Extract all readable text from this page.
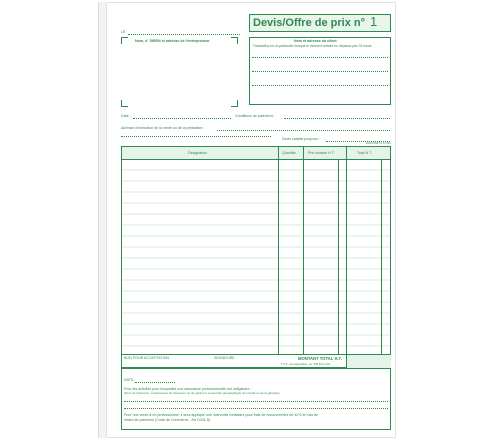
LE
Devis/Offre de prix n° 1
Nom, n° SIREN et adresse de l'entrepreneur	Nom et adresse du client
Facultatif pour un particulier lorsque le montant unitaire ne dépasse pas 76 euros
Date :	Conditions de paiement :
Adresse d'exécution de la vente ou de la prestation :
Devis valable jusqu'au :
EXACOMPTA 13 304
Désignation	Quantité	Prix unitaire H.T.	Total H.T.
BON POUR ACCEPTATION	SIGNATURE	MONTANT TOTAL H.T.
T.V.A. non applicable, art. 293 B du CGI
DATE :
Pour les activités pour lesquelles une assurance professionnelle est obligatoire :
(Nom de l'assureur, coordonnées de l'assureur ou du garant et couverture géographique du contrat ou de la garantie)
Pour une vente à un professionnel, il sera appliqué une indemnité forfaitaire pour frais de recouvrement de 40 € en cas de
retard de paiement (Code de Commerce - Art D441-5).
